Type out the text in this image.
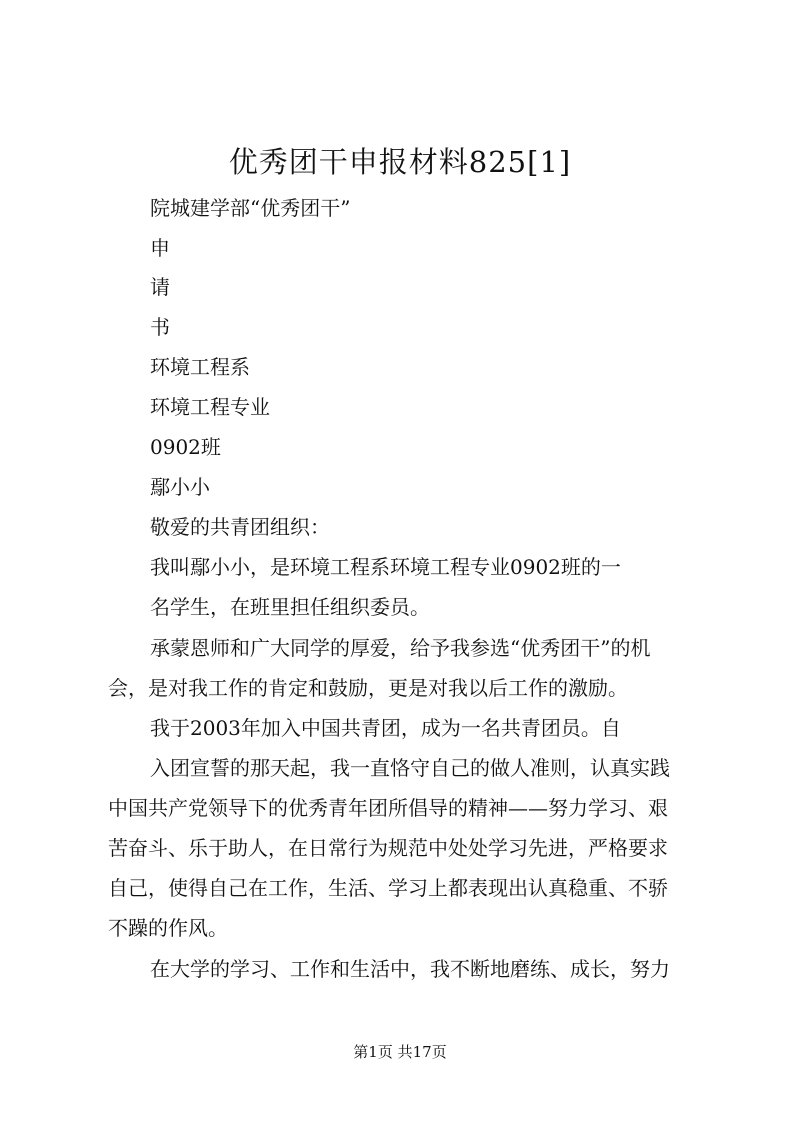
优秀团干申报材料825[1]
院城建学部“优秀团干”
申
请
书
环境工程系
环境工程专业
0902班
鄢小小
敬爱的共青团组织：
我叫鄢小小，是环境工程系环境工程专业0902班的一
名学生，在班里担任组织委员。
承蒙恩师和广大同学的厚爱，给予我参选“优秀团干”的机
会，是对我工作的肯定和鼓励，更是对我以后工作的激励。
我于2003年加入中国共青团，成为一名共青团员。自
入团宣誓的那天起，我一直恪守自己的做人准则，认真实践
中国共产党领导下的优秀青年团所倡导的精神——努力学习、艰
苦奋斗、乐于助人，在日常行为规范中处处学习先进，严格要求
自己，使得自己在工作，生活、学习上都表现出认真稳重、不骄
不躁的作风。
在大学的学习、工作和生活中，我不断地磨练、成长，努力
第1页 共17页
